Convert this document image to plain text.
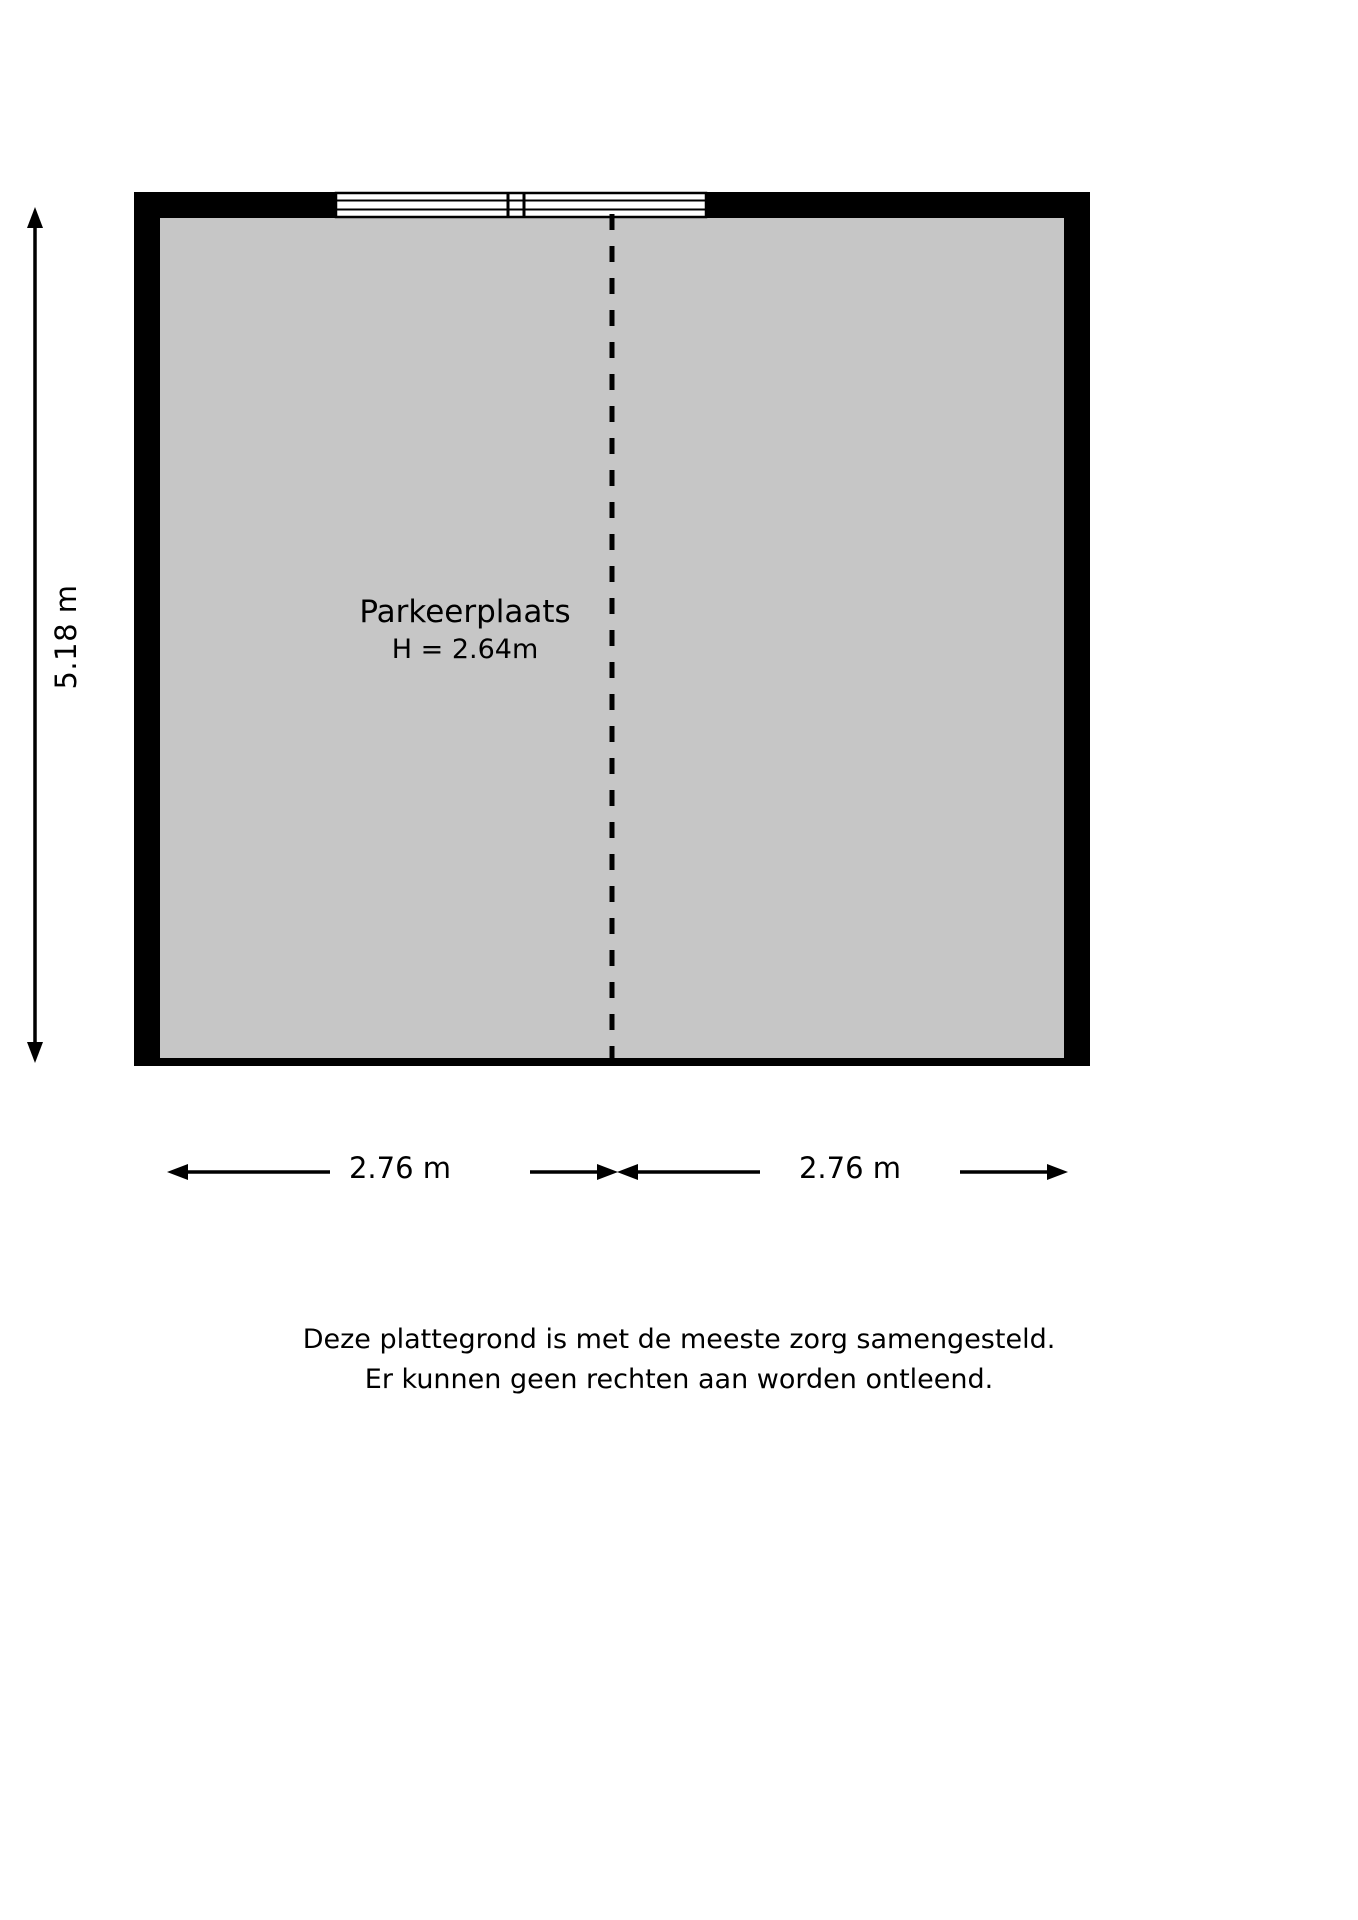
5.18 m
2.76 m	2.76 m
Parkeerplaats
H = 2.64m
Deze plattegrond is met de meeste zorg samengesteld.
Er kunnen geen rechten aan worden ontleend.
